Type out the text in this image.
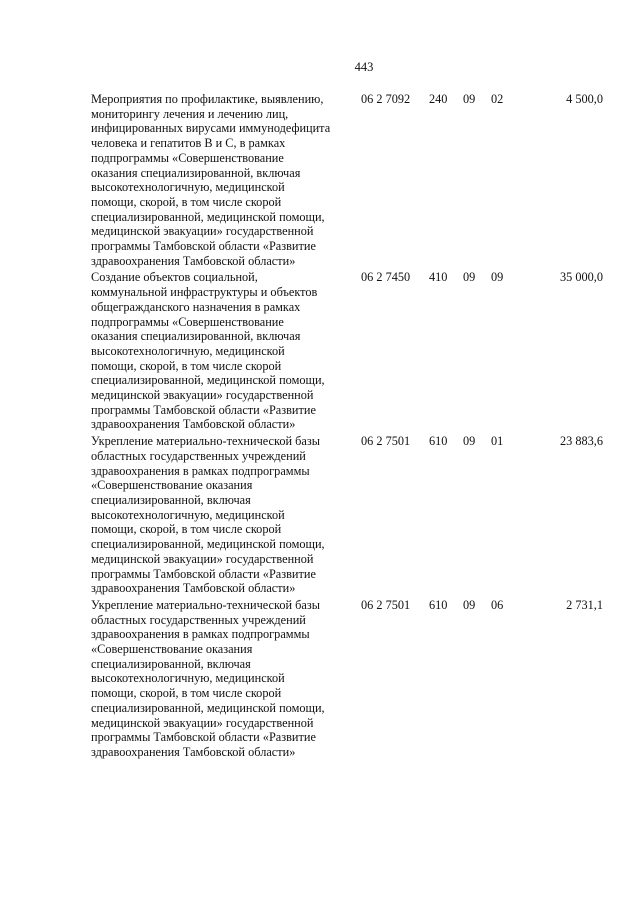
443
Мероприятия по профилактике, выявлению,
мониторингу лечения и лечению лиц,
инфицированных вирусами иммунодефицита
человека и гепатитов В и С, в рамках
подпрограммы «Совершенствование
оказания специализированной, включая
высокотехнологичную, медицинской
помощи, скорой, в том числе скорой
специализированной, медицинской помощи,
медицинской эвакуации» государственной
программы Тамбовской области «Развитие
здравоохранения Тамбовской области»
06 2 7092	240	09	02	4 500,0
Создание объектов социальной,
коммунальной инфраструктуры и объектов
общегражданского назначения в рамках
подпрограммы «Совершенствование
оказания специализированной, включая
высокотехнологичную, медицинской
помощи, скорой, в том числе скорой
специализированной, медицинской помощи,
медицинской эвакуации» государственной
программы Тамбовской области «Развитие
здравоохранения Тамбовской области»
06 2 7450	410	09	09	35 000,0
Укрепление материально-технической базы
областных государственных учреждений
здравоохранения в рамках подпрограммы
«Совершенствование оказания
специализированной, включая
высокотехнологичную, медицинской
помощи, скорой, в том числе скорой
специализированной, медицинской помощи,
медицинской эвакуации» государственной
программы Тамбовской области «Развитие
здравоохранения Тамбовской области»
06 2 7501	610	09	01	23 883,6
Укрепление материально-технической базы
областных государственных учреждений
здравоохранения в рамках подпрограммы
«Совершенствование оказания
специализированной, включая
высокотехнологичную, медицинской
помощи, скорой, в том числе скорой
специализированной, медицинской помощи,
медицинской эвакуации» государственной
программы Тамбовской области «Развитие
здравоохранения Тамбовской области»
06 2 7501	610	09	06	2 731,1
